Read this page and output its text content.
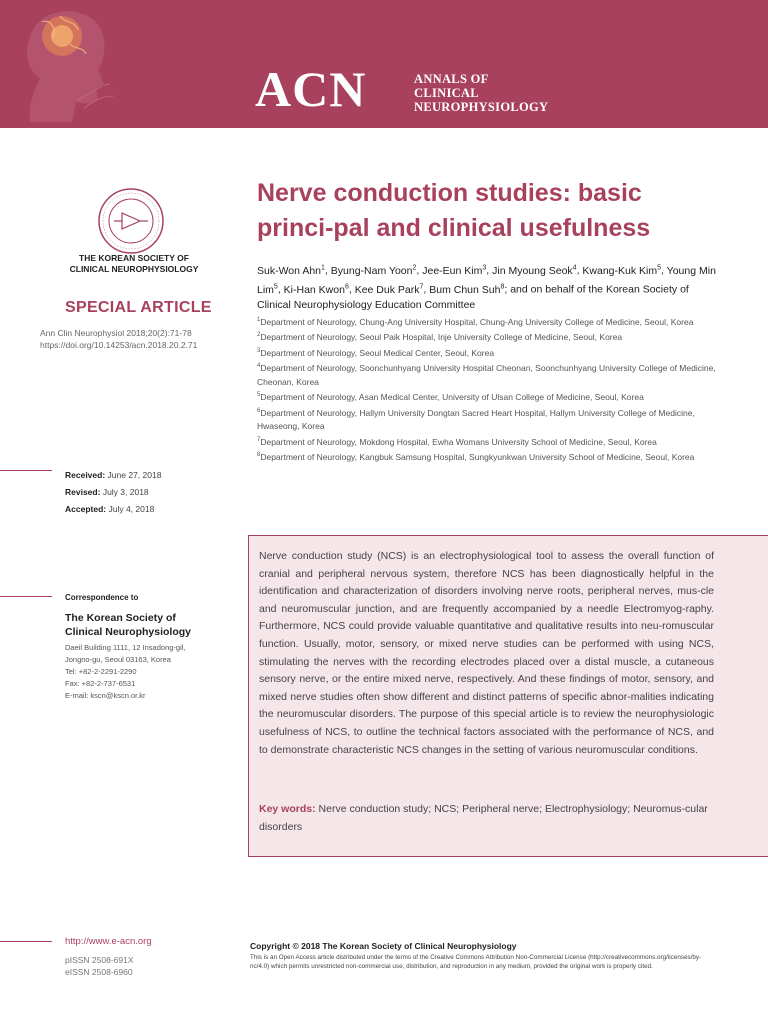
ACN	ANNALS OF
CLINICAL
NEUROPHYSIOLOGY
THE KOREAN SOCIETY OF
CLINICAL NEUROPHYSIOLOGY
SPECIAL ARTICLE
Ann Clin Neurophysiol 2018;20(2):71-78
https://doi.org/10.14253/acn.2018.20.2.71
Received: June 27, 2018
Revised: July 3, 2018
Accepted: July 4, 2018
Correspondence to
The Korean Society of Clinical Neurophysiology
Daeil Building 1111, 12 Insadong-gil,
Jongno-gu, Seoul 03163, Korea
Tel: +82-2-2291-2290
Fax: +82-2-737-6531
E-mail: kscn@kscn.or.kr
Nerve conduction studies: basic princi-pal and clinical usefulness
Suk-Won Ahn$^1$, Byung-Nam Yoon$^2$, Jee-Eun Kim$^3$, Jin Myoung Seok$^4$, Kwang-Kuk Kim$^5$, Young Min Lim$^5$, Ki-Han Kwon$^6$, Kee Duk Park$^7$, Bum Chun Suh$^8$; and on behalf of the Korean Society of Clinical Neurophysiology Education Committee
$^1$Department of Neurology, Chung-Ang University Hospital, Chung-Ang University College of Medicine, Seoul, Korea
$^2$Department of Neurology, Seoul Paik Hospital, Inje University College of Medicine, Seoul, Korea
$^3$Department of Neurology, Seoul Medical Center, Seoul, Korea
$^4$Department of Neurology, Soonchunhyang University Hospital Cheonan, Soonchunhyang University College of Medicine, Cheonan, Korea
$^5$Department of Neurology, Asan Medical Center, University of Ulsan College of Medicine, Seoul, Korea
$^6$Department of Neurology, Hallym University Dongtan Sacred Heart Hospital, Hallym University College of Medicine, Hwaseong, Korea
$^7$Department of Neurology, Mokdong Hospital, Ewha Womans University School of Medicine, Seoul, Korea
$^8$Department of Neurology, Kangbuk Samsung Hospital, Sungkyunkwan University School of Medicine, Seoul, Korea
Nerve conduction study (NCS) is an electrophysiological tool to assess the overall function of cranial and peripheral nervous system, therefore NCS has been diagnostically helpful in the identification and characterization of disorders involving nerve roots, peripheral nerves, mus-cle and neuromuscular junction, and are frequently accompanied by a needle Electromyog-raphy. Furthermore, NCS could provide valuable quantitative and qualitative results into neu-romuscular function. Usually, motor, sensory, or mixed nerve studies can be performed with using NCS, stimulating the nerves with the recording electrodes placed over a distal muscle, a cutaneous sensory nerve, or the entire mixed nerve, respectively. And these findings of motor, sensory, and mixed nerve studies often show different and distinct patterns of specific abnor-malities indicating the neuromuscular disorders. The purpose of this special article is to review the neurophysiologic usefulness of NCS, to outline the technical factors associated with the performance of NCS, and to demonstrate characteristic NCS changes in the setting of various neuromuscular conditions.
Key words: Nerve conduction study; NCS; Peripheral nerve; Electrophysiology; Neuromus-cular disorders
http://www.e-acn.org
pISSN 2508-691X
eISSN 2508-6960
Copyright © 2018 The Korean Society of Clinical Neurophysiology
This is an Open Access article distributed under the terms of the Creative Commons Attribution Non-Commercial License (http://creativecommons.org/licenses/by-nc/4.0) which permits unrestricted non-commercial use, distribution, and reproduction in any medium, provided the original work is properly cited.
